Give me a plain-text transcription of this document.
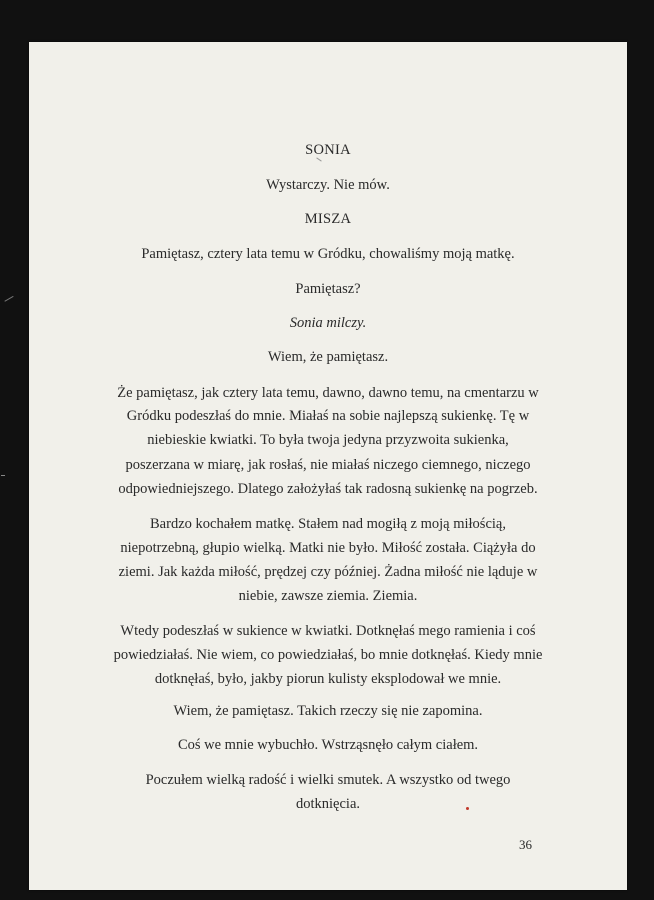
SONIA
Wystarczy. Nie mów.
MISZA
Pamiętasz, cztery lata temu w Gródku, chowaliśmy moją matkę.
Pamiętasz?
Sonia milczy.
Wiem, że pamiętasz.
Że pamiętasz, jak cztery lata temu, dawno, dawno temu, na cmentarzu w
Gródku podeszłaś do mnie. Miałaś na sobie najlepszą sukienkę. Tę w
niebieskie kwiatki. To była twoja jedyna przyzwoita sukienka,
poszerzana w miarę, jak rosłaś, nie miałaś niczego ciemnego, niczego
odpowiedniejszego. Dlatego założyłaś tak radosną sukienkę na pogrzeb.
Bardzo kochałem matkę. Stałem nad mogiłą z moją miłością,
niepotrzebną, głupio wielką. Matki nie było. Miłość została. Ciążyła do
ziemi. Jak każda miłość, prędzej czy później. Żadna miłość nie ląduje w
niebie, zawsze ziemia. Ziemia.
Wtedy podeszłaś w sukience w kwiatki. Dotknęłaś mego ramienia i coś
powiedziałaś. Nie wiem, co powiedziałaś, bo mnie dotknęłaś. Kiedy mnie
dotknęłaś, było, jakby piorun kulisty eksplodował we mnie.
Wiem, że pamiętasz. Takich rzeczy się nie zapomina.
Coś we mnie wybuchło. Wstrząsnęło całym ciałem.
Poczułem wielką radość i wielki smutek. A wszystko od twego
dotknięcia.
36
